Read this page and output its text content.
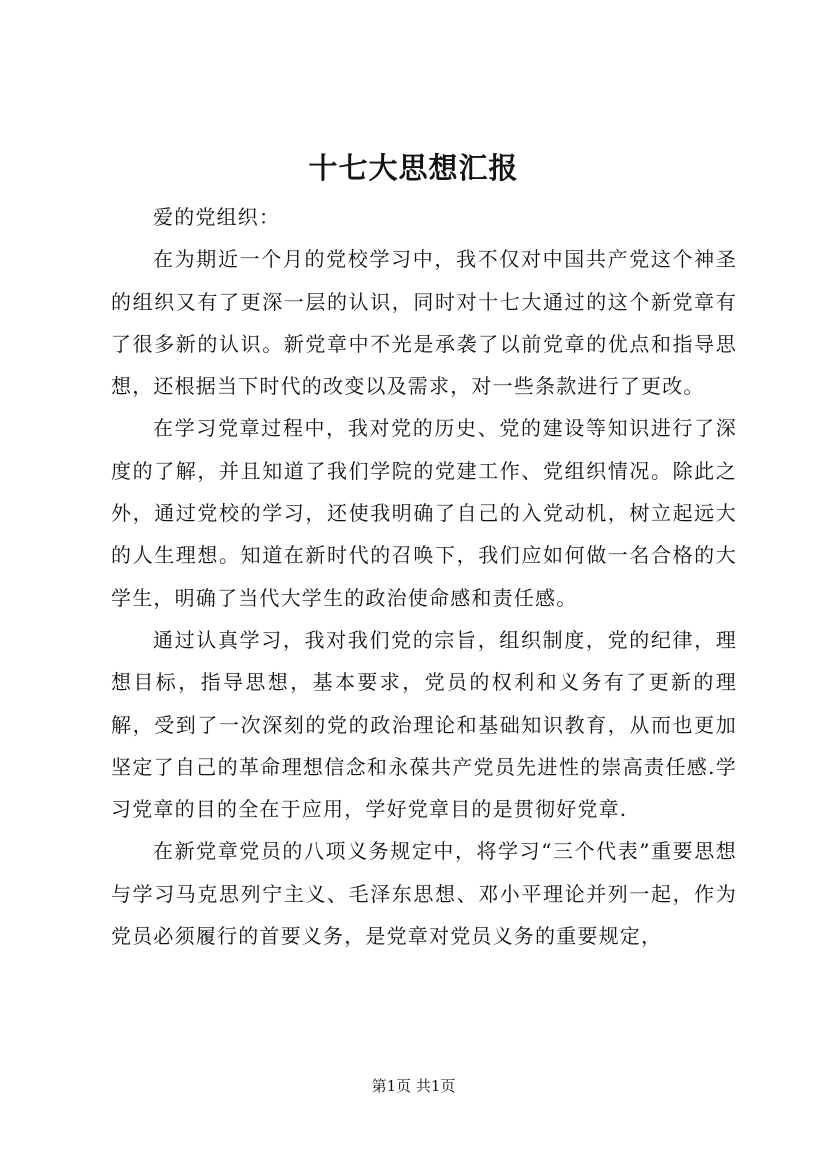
十七大思想汇报

爱的党组织：

在为期近一个月的党校学习中，我不仅对中国共产党这个神圣的组织又有了更深一层的认识，同时对十七大通过的这个新党章有了很多新的认识。新党章中不光是承袭了以前党章的优点和指导思想，还根据当下时代的改变以及需求，对一些条款进行了更改。

在学习党章过程中，我对党的历史、党的建设等知识进行了深度的了解，并且知道了我们学院的党建工作、党组织情况。除此之外，通过党校的学习，还使我明确了自己的入党动机，树立起远大的人生理想。知道在新时代的召唤下，我们应如何做一名合格的大学生，明确了当代大学生的政治使命感和责任感。

通过认真学习，我对我们党的宗旨，组织制度，党的纪律，理想目标，指导思想，基本要求，党员的权利和义务有了更新的理解，受到了一次深刻的党的政治理论和基础知识教育，从而也更加坚定了自己的革命理想信念和永葆共产党员先进性的崇高责任感.学习党章的目的全在于应用，学好党章目的是贯彻好党章.

在新党章党员的八项义务规定中，将学习“三个代表”重要思想与学习马克思列宁主义、毛泽东思想、邓小平理论并列一起，作为党员必须履行的首要义务，是党章对党员义务的重要规定，

第1页 共1页
